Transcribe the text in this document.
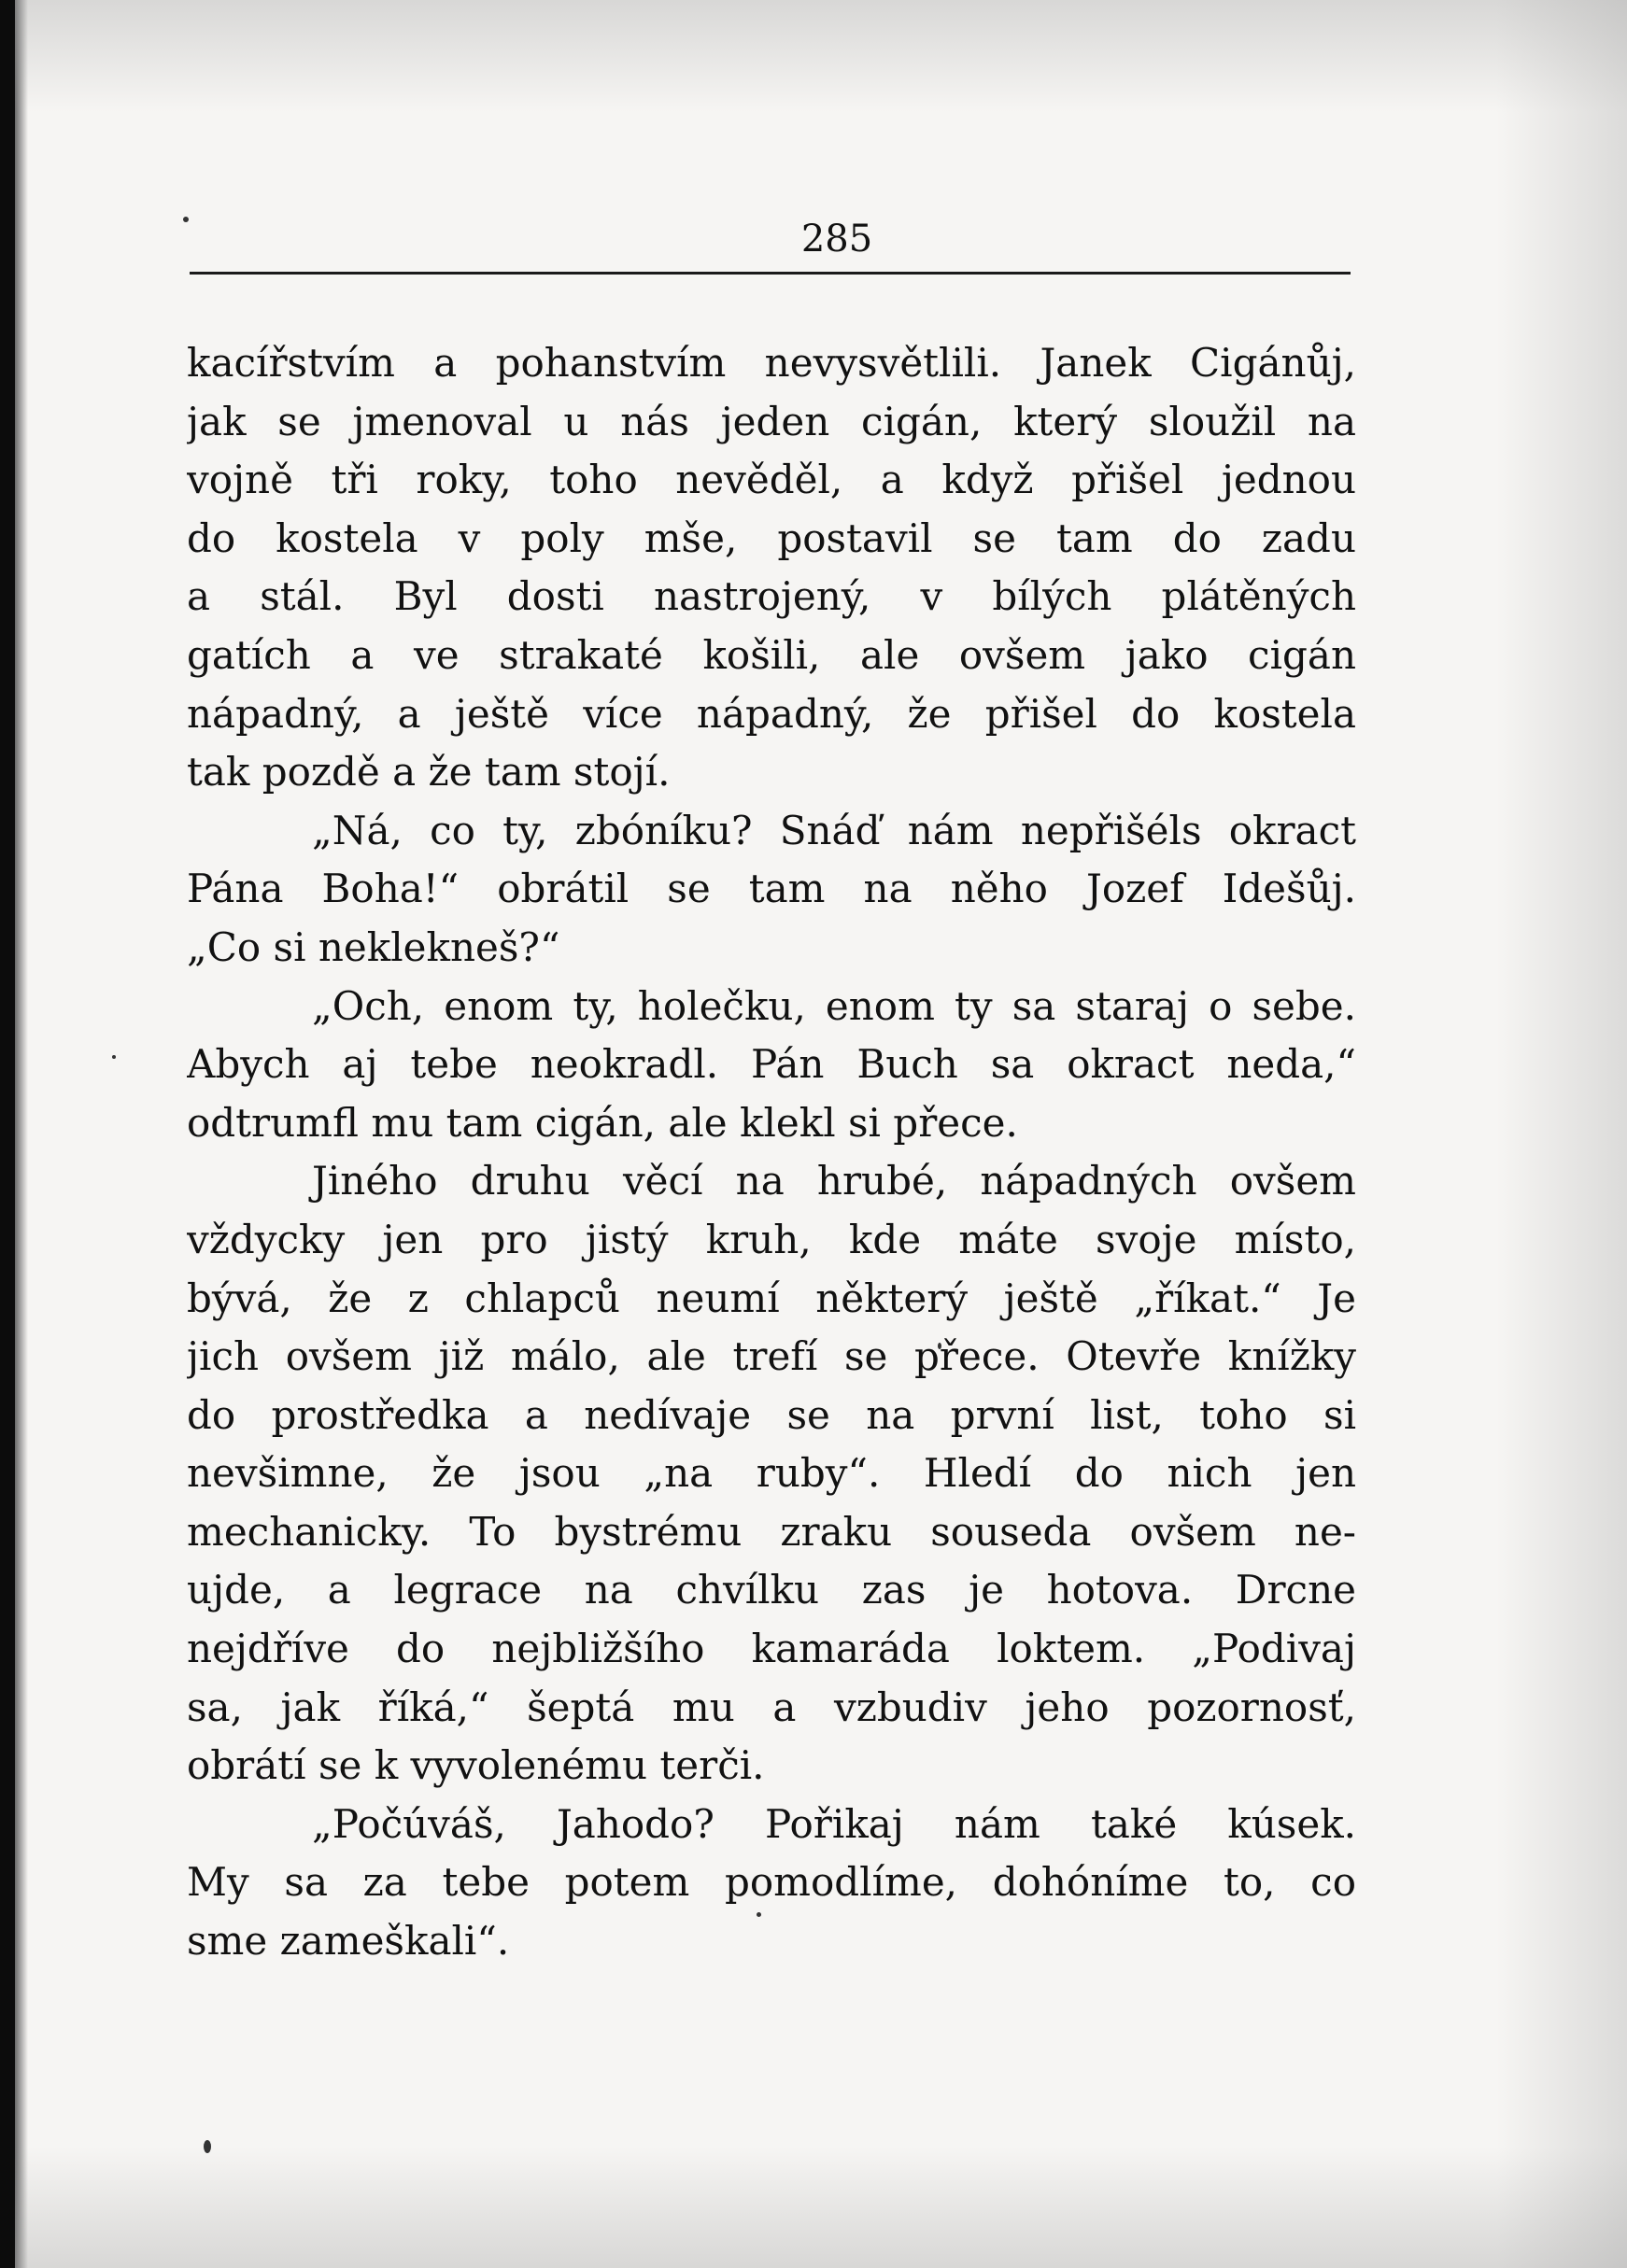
285
kacířstvím a pohanstvím nevysvětlili. Janek Cigánůj,
jak se jmenoval u nás jeden cigán, který sloužil na
vojně tři roky, toho nevěděl, a když přišel jednou
do kostela v poly mše, postavil se tam do zadu
a stál. Byl dosti nastrojený, v bílých plátěných
gatích a ve strakaté košili, ale ovšem jako cigán
nápadný, a ještě více nápadný, že přišel do kostela
tak pozdě a že tam stojí.
„Ná, co ty, zbóníku? Snáď nám nepřišéls okract
Pána Boha!“ obrátil se tam na něho Jozef Idešůj.
„Co si neklekneš?“
„Och, enom ty, holečku, enom ty sa staraj o sebe.
Abych aj tebe neokradl. Pán Buch sa okract neda,“
odtrumfl mu tam cigán, ale klekl si přece.
Jiného druhu věcí na hrubé, nápadných ovšem
vždycky jen pro jistý kruh, kde máte svoje místo,
bývá, že z chlapců neumí některý ještě „říkat.“ Je
jich ovšem již málo, ale trefí se přece. Otevře knížky
do prostředka a nedívaje se na první list, toho si
nevšimne, že jsou „na ruby“. Hledí do nich jen
mechanicky. To bystrému zraku souseda ovšem ne-
ujde, a legrace na chvílku zas je hotova. Drcne
nejdříve do nejbližšího kamaráda loktem. „Podivaj
sa, jak říká,“ šeptá mu a vzbudiv jeho pozornosť,
obrátí se k vyvolenému terči.
„Počúváš, Jahodo? Pořikaj nám také kúsek.
My sa za tebe potem pomodlíme, dohóníme to, co
sme zameškali“.
